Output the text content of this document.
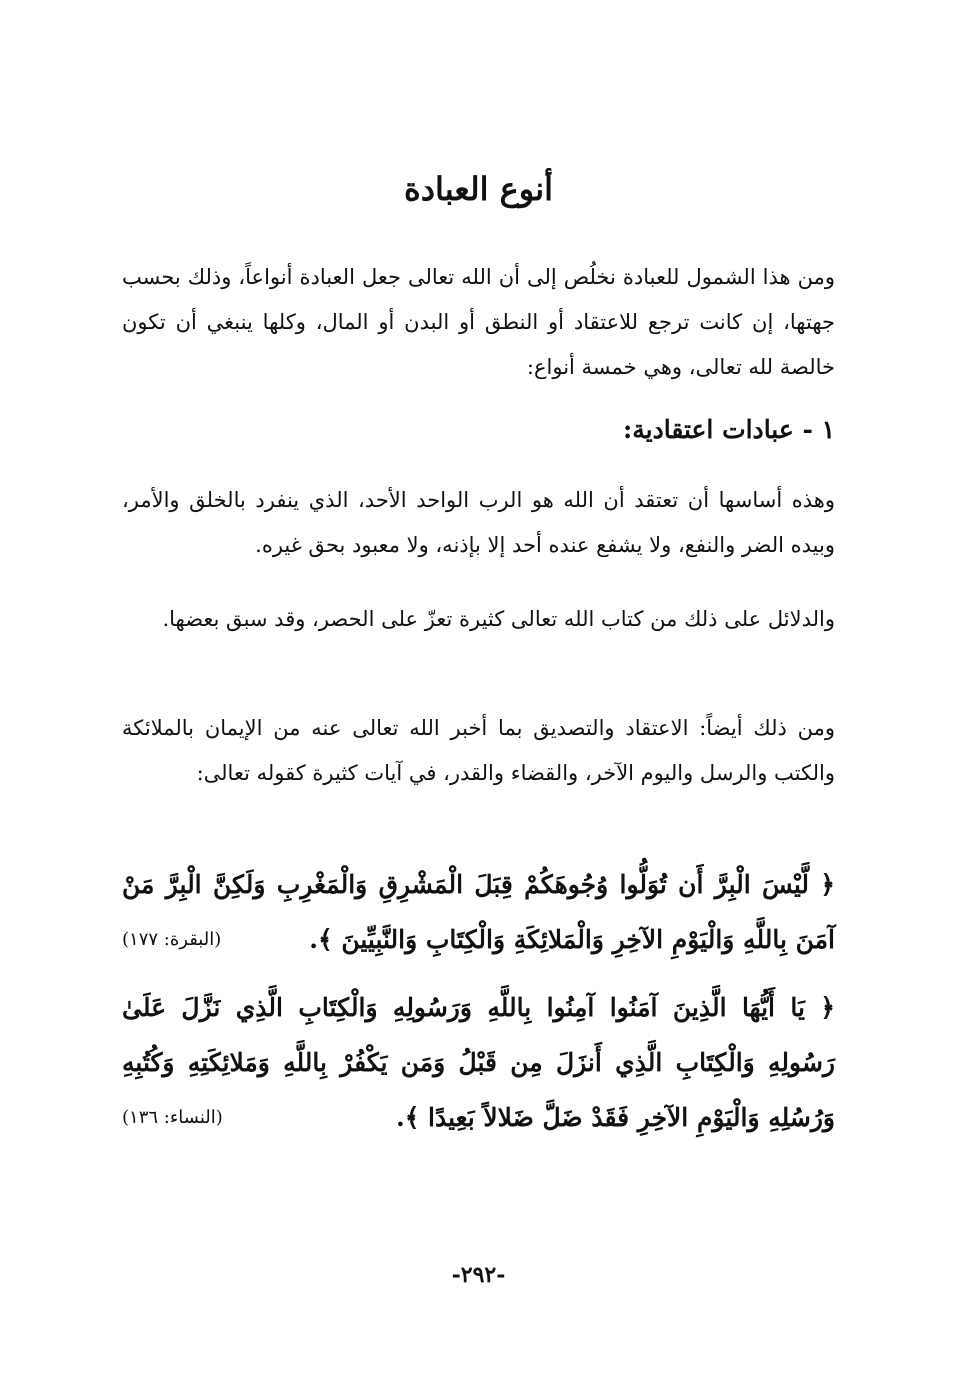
أنوع العبادة

ومن هذا الشمول للعبادة نخلُص إلى أن الله تعالى جعل العبادة أنواعاً، وذلك بحسب جهتها، إن كانت ترجع للاعتقاد أو النطق أو البدن أو المال، وكلها ينبغي أن تكون خالصة لله تعالى، وهي خمسة أنواع:

١ - عبادات اعتقادية:

وهذه أساسها أن تعتقد أن الله هو الرب الواحد الأحد، الذي ينفرد بالخلق والأمر، وبيده الضر والنفع، ولا يشفع عنده أحد إلا بإذنه، ولا معبود بحق غيره.

والدلائل على ذلك من كتاب الله تعالى كثيرة تعزّ على الحصر، وقد سبق بعضها.

ومن ذلك أيضاً: الاعتقاد والتصديق بما أخبر الله تعالى عنه من الإيمان بالملائكة والكتب والرسل واليوم الآخر، والقضاء والقدر، في آيات كثيرة كقوله تعالى:

﴿ لَّيْسَ الْبِرَّ أَن تُوَلُّوا وُجُوهَكُمْ قِبَلَ الْمَشْرِقِ وَالْمَغْرِبِ وَلَكِنَّ الْبِرَّ مَنْ آمَنَ بِاللَّهِ وَالْيَوْمِ الآخِرِ وَالْمَلائِكَةِ وَالْكِتَابِ وَالنَّبِيِّينَ ﴾.
(البقرة: ١٧٧)

﴿ يَا أَيُّهَا الَّذِينَ آمَنُوا آمِنُوا بِاللَّهِ وَرَسُولِهِ وَالْكِتَابِ الَّذِي نَزَّلَ عَلَىٰ رَسُولِهِ وَالْكِتَابِ الَّذِي أَنزَلَ مِن قَبْلُ وَمَن يَكْفُرْ بِاللَّهِ وَمَلائِكَتِهِ وَكُتُبِهِ وَرُسُلِهِ وَالْيَوْمِ الآخِرِ فَقَدْ ضَلَّ ضَلالاً بَعِيدًا ﴾.
(النساء: ١٣٦)

-٢٩٢-
